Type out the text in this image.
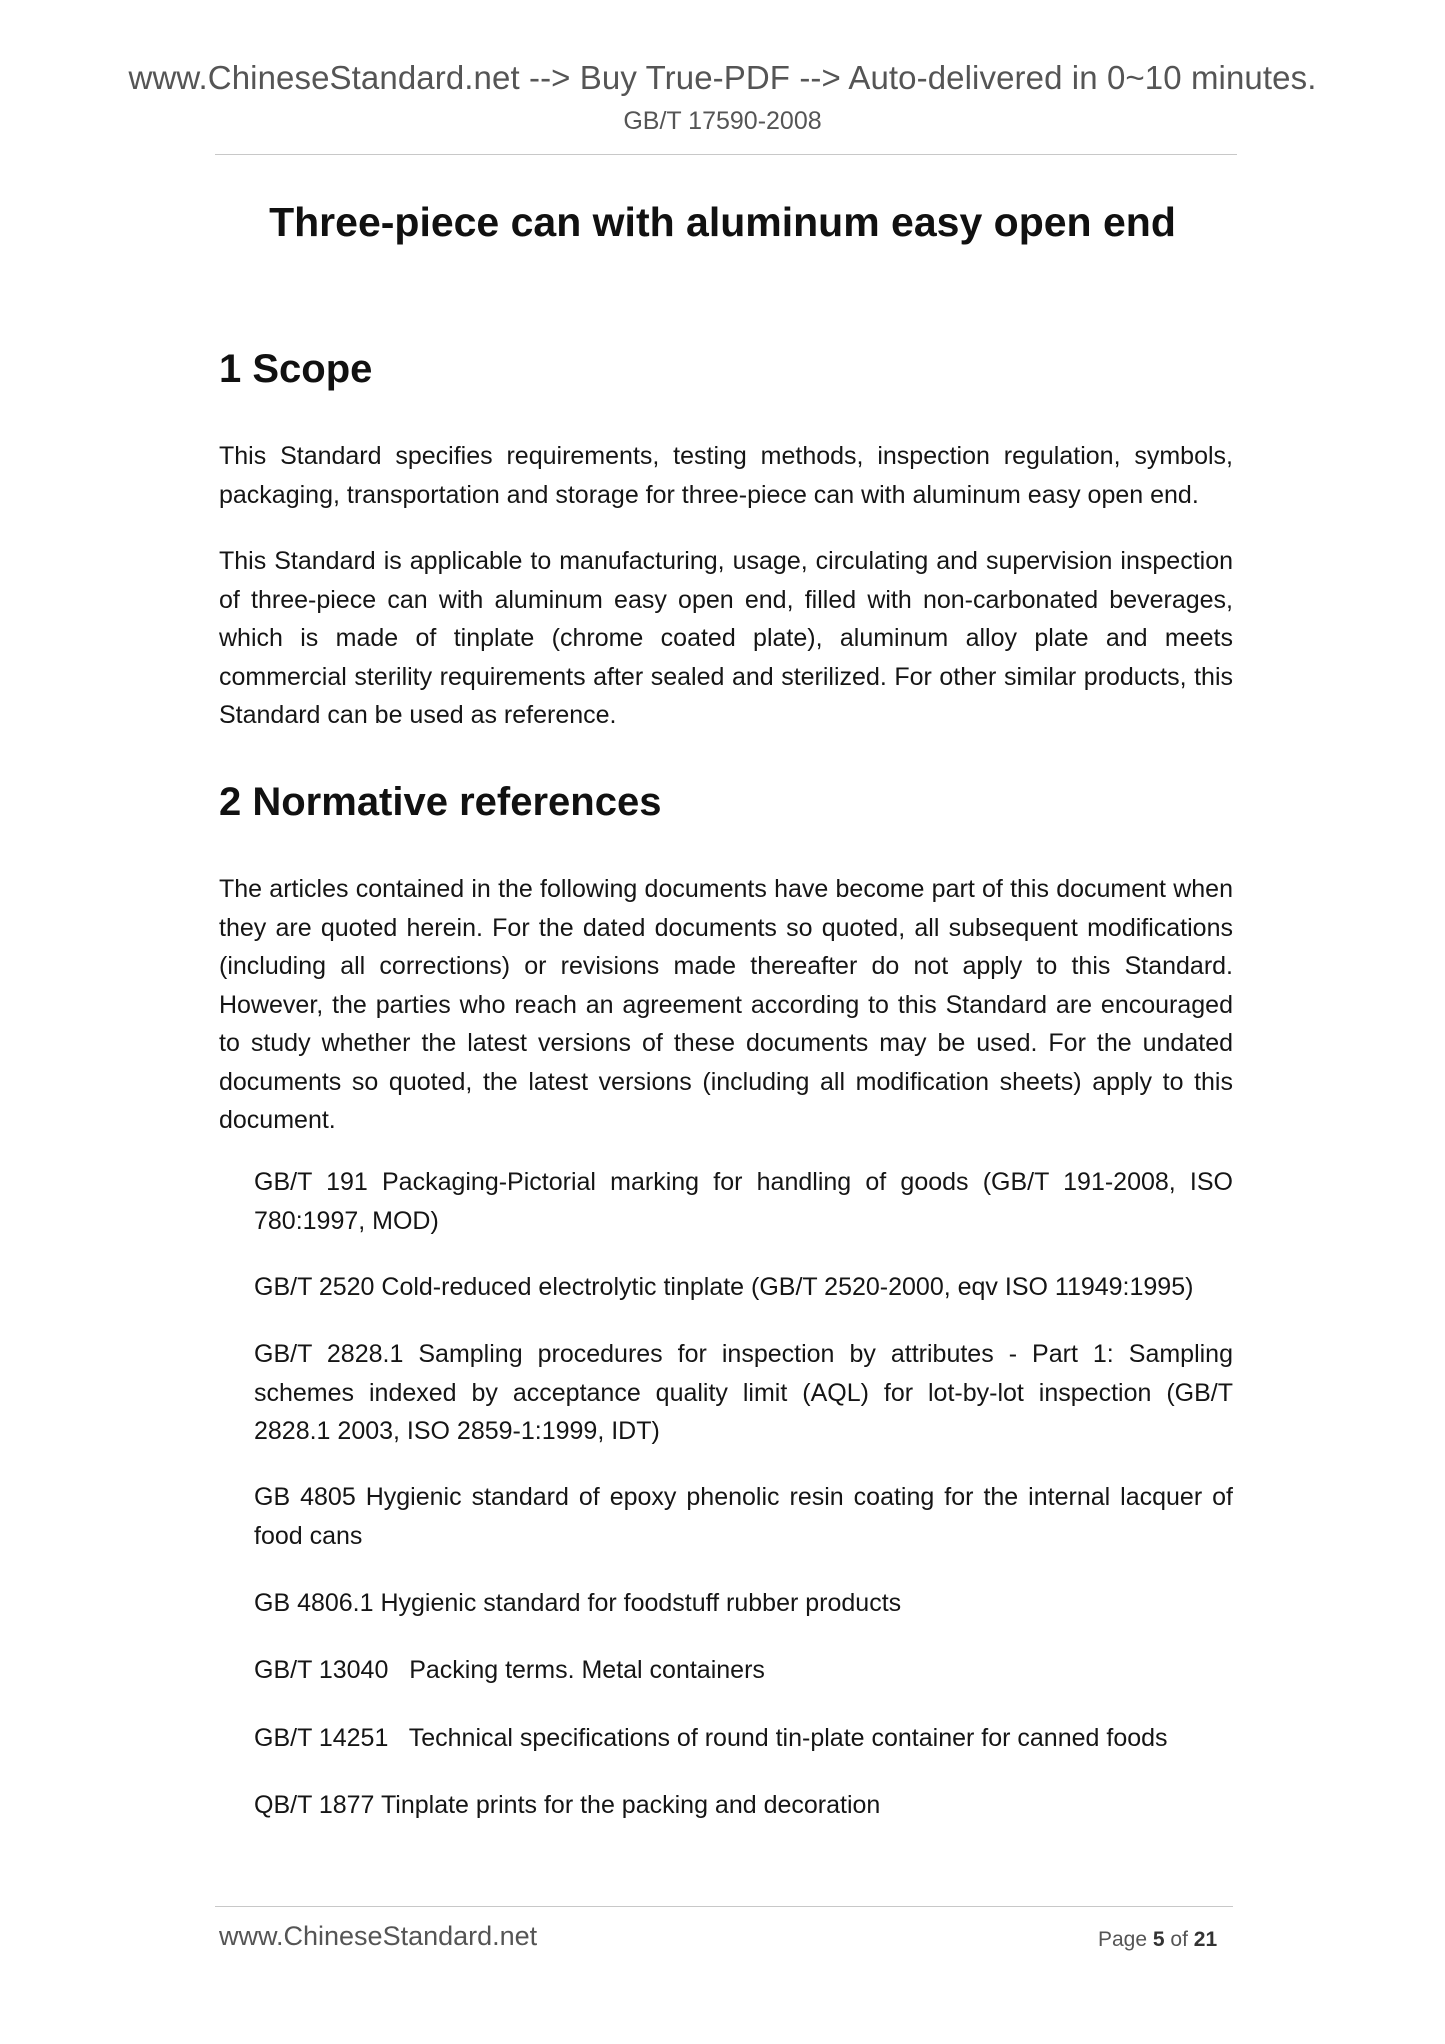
www.ChineseStandard.net --> Buy True-PDF --> Auto-delivered in 0~10 minutes.
GB/T 17590-2008
Three-piece can with aluminum easy open end
1 Scope
This Standard specifies requirements, testing methods, inspection regulation, symbols, packaging, transportation and storage for three-piece can with aluminum easy open end.
This Standard is applicable to manufacturing, usage, circulating and supervision inspection of three-piece can with aluminum easy open end, filled with non-carbonated beverages, which is made of tinplate (chrome coated plate), aluminum alloy plate and meets commercial sterility requirements after sealed and sterilized. For other similar products, this Standard can be used as reference.
2 Normative references
The articles contained in the following documents have become part of this document when they are quoted herein. For the dated documents so quoted, all subsequent modifications (including all corrections) or revisions made thereafter do not apply to this Standard. However, the parties who reach an agreement according to this Standard are encouraged to study whether the latest versions of these documents may be used. For the undated documents so quoted, the latest versions (including all modification sheets) apply to this document.
GB/T 191 Packaging-Pictorial marking for handling of goods (GB/T 191-2008, ISO 780:1997, MOD)
GB/T 2520 Cold-reduced electrolytic tinplate (GB/T 2520-2000, eqv ISO 11949:1995)
GB/T 2828.1 Sampling procedures for inspection by attributes - Part 1: Sampling schemes indexed by acceptance quality limit (AQL) for lot-by-lot inspection (GB/T 2828.1 2003, ISO 2859-1:1999, IDT)
GB 4805 Hygienic standard of epoxy phenolic resin coating for the internal lacquer of food cans
GB 4806.1 Hygienic standard for foodstuff rubber products
GB/T 13040   Packing terms. Metal containers
GB/T 14251   Technical specifications of round tin-plate container for canned foods
QB/T 1877 Tinplate prints for the packing and decoration
www.ChineseStandard.net	Page 5 of 21
